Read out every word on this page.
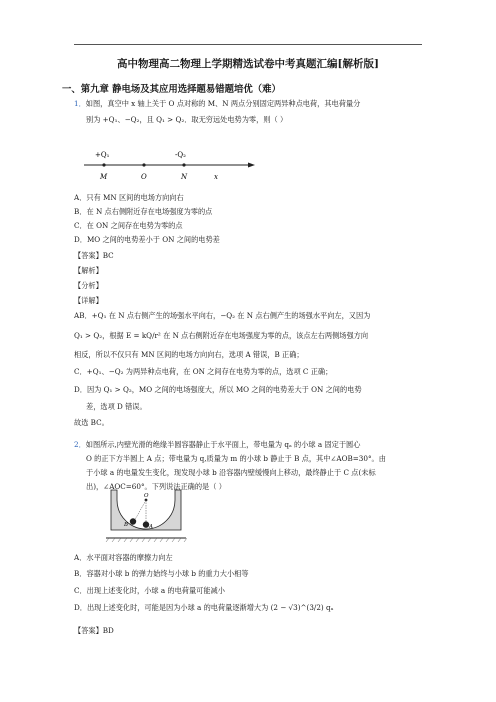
高中物理高二物理上学期精选试卷中考真题汇编[解析版]
一、第九章 静电场及其应用选择题易错题培优（难）
1．如图，真空中 x 轴上关于 O 点对称的 M、N 两点分别固定两异种点电荷，其电荷量分
别为 +Q₁、−Q₂，且 Q₁ > Q₂．取无穷远处电势为零，则（ ）
+Q₁	-Q₂
M	O	N	x
A．只有 MN 区间的电场方向向右
B．在 N 点右侧附近存在电场强度为零的点
C．在 ON 之间存在电势为零的点
D．MO 之间的电势差小于 ON 之间的电势差
【答案】BC
【解析】
【分析】
【详解】
AB．+Q₁ 在 N 点右侧产生的场强水平向右，−Q₂ 在 N 点右侧产生的场强水平向左，又因为
Q₁ > Q₂，根据 E = kQ/r² 在 N 点右侧附近存在电场强度为零的点，该点左右两侧场强方向
相反，所以不仅只有 MN 区间的电场方向向右，选项 A 错误，B 正确；
C．+Q₁、−Q₂ 为两异种点电荷，在 ON 之间存在电势为零的点，选项 C 正确；
D．因为 Q₁ > Q₂，MO 之间的电场强度大，所以 MO 之间的电势差大于 ON 之间的电势
差，选项 D 错误。
故选 BC。
2．如图所示,内壁光滑的绝缘半圆容器静止于水平面上，带电量为 qₐ 的小球 a 固定于圆心
O 的正下方半圆上 A 点；带电量为 q,质量为 m 的小球 b 静止于 B 点，其中∠AOB=30°。由
于小球 a 的电量发生变化，现发现小球 b 沿容器内壁缓慢向上移动，最终静止于 C 点(未标
出)，∠AOC=60°。下列说法正确的是（ ）
O
A
B
A．水平面对容器的摩擦力向左
B．容器对小球 b 的弹力始终与小球 b 的重力大小相等
C．出现上述变化时，小球 a 的电荷量可能减小
D．出现上述变化时，可能是因为小球 a 的电荷量逐渐增大为 (2 − √3)^(3/2) qₐ
【答案】BD
